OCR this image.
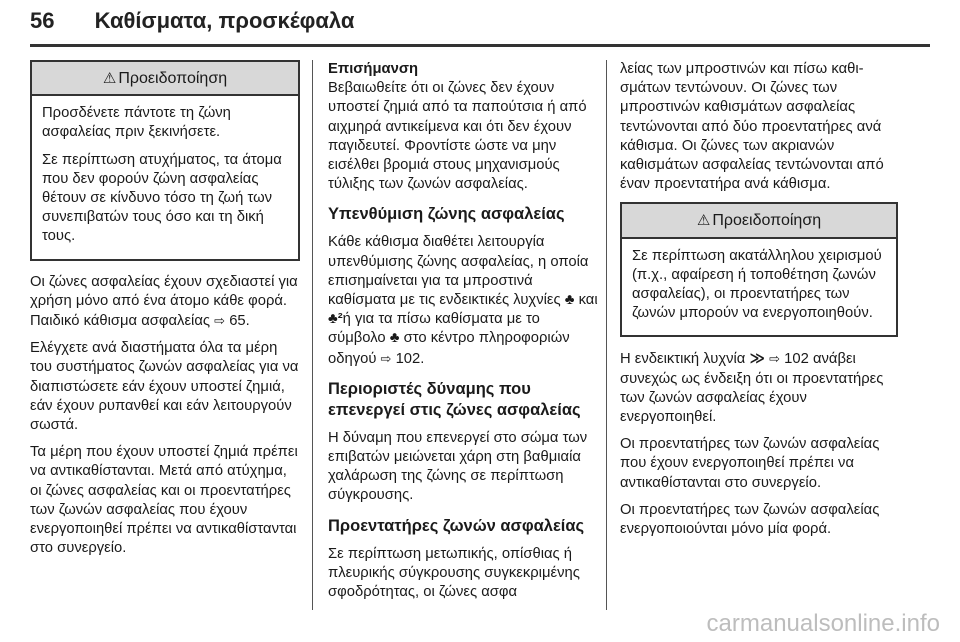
56 Καθίσματα, προσκέφαλα
⚠ Προειδοποίηση

Προσδένετε πάντοτε τη ζώνη ασφαλείας πριν ξεκινήσετε.

Σε περίπτωση ατυχήματος, τα άτομα που δεν φορούν ζώνη ασφαλείας θέτουν σε κίνδυνο τόσο τη ζωή των συνεπιβατών τους όσο και τη δική τους.

Οι ζώνες ασφαλείας έχουν σχεδιαστεί για χρήση μόνο από ένα άτομο κάθε φορά. Παιδικό κάθισμα ασφαλείας ⇨ 65.

Ελέγχετε ανά διαστήματα όλα τα μέρη του συστήματος ζωνών ασφαλείας για να διαπιστώσετε εάν έχουν υποστεί ζημιά, εάν έχουν ρυπανθεί και εάν λειτουργούν σωστά.

Τα μέρη που έχουν υποστεί ζημιά πρέπει να αντικαθίστανται. Μετά από ατύχημα, οι ζώνες ασφαλείας και οι προεντατήρες των ζωνών ασφαλείας που έχουν ενεργοποιηθεί πρέπει να αντικαθίστανται στο συνεργείο.

Επισήμανση

Βεβαιωθείτε ότι οι ζώνες δεν έχουν υποστεί ζημιά από τα παπούτσια ή από αιχμηρά αντικείμενα και ότι δεν έχουν παγιδευτεί. Φροντίστε ώστε να μην εισέλθει βρομιά στους μηχανισμούς τύλιξης των ζωνών ασφαλείας.

Υπενθύμιση ζώνης ασφαλείας

Κάθε κάθισμα διαθέτει λειτουργία υπενθύμισης ζώνης ασφαλείας, η οποία επισημαίνεται για τα μπροστινά καθίσματα με τις ενδεικτικές λυχνίες ♣ και ♣²ή για τα πίσω καθίσματα με το σύμβολο ♣ στο κέντρο πληροφοριών οδηγού ⇨ 102.

Περιοριστές δύναμης που επενεργεί στις ζώνες ασφαλείας

Η δύναμη που επενεργεί στο σώμα των επιβατών μειώνεται χάρη στη βαθμιαία χαλάρωση της ζώνης σε περίπτωση σύγκρουσης.

Προεντατήρες ζωνών ασφαλείας

Σε περίπτωση μετωπικής, οπίσθιας ή πλευρικής σύγκρουσης συγκεκριμένης σφοδρότητας, οι ζώνες ασφα

λείας των μπροστινών και πίσω καθισμάτων τεντώνουν. Οι ζώνες των μπροστινών καθισμάτων ασφαλείας τεντώνονται από δύο προεντατήρες ανά κάθισμα. Οι ζώνες των ακριανών καθισμάτων ασφαλείας τεντώνονται από έναν προεντατήρα ανά κάθισμα.

⚠ Προειδοποίηση

Σε περίπτωση ακατάλληλου χειρισμού (π.χ., αφαίρεση ή τοποθέτηση ζωνών ασφαλείας), οι προεντατήρες των ζωνών μπορούν να ενεργοποιηθούν.

Η ενδεικτική λυχνία ≫ ⇨ 102 ανάβει συνεχώς ως ένδειξη ότι οι προεντατήρες των ζωνών ασφαλείας έχουν ενεργοποιηθεί.

Οι προεντατήρες των ζωνών ασφαλείας που έχουν ενεργοποιηθεί πρέπει να αντικαθίστανται στο συνεργείο.

Οι προεντατήρες των ζωνών ασφαλείας ενεργοποιούνται μόνο μία φορά.

carmanualsonline.info
